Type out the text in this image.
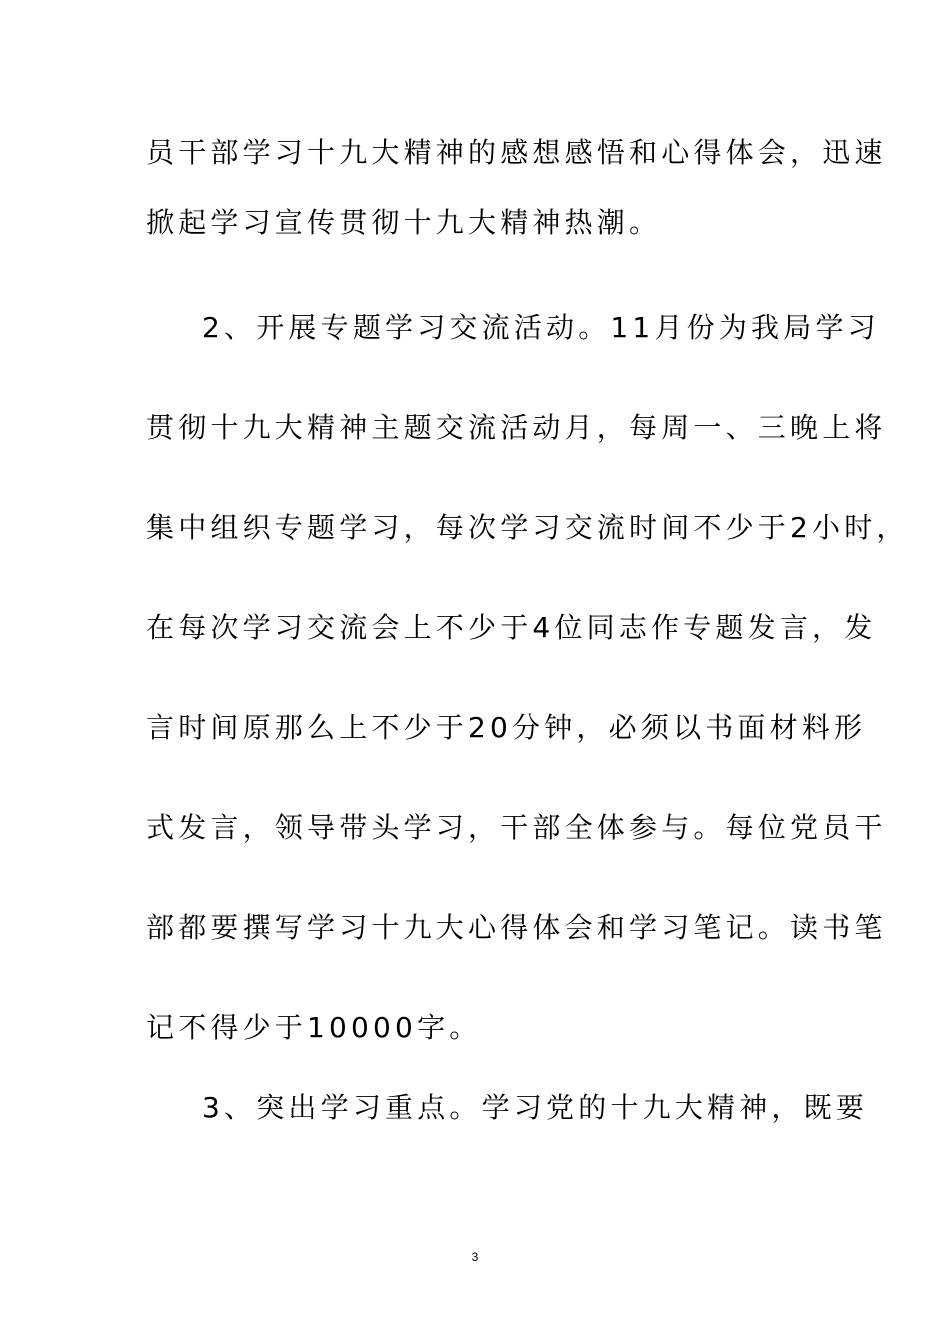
员干部学习十九大精神的感想感悟和心得体会，迅速
掀起学习宣传贯彻十九大精神热潮。
2、开展专题学习交流活动。11月份为我局学习
贯彻十九大精神主题交流活动月，每周一、三晚上将
集中组织专题学习，每次学习交流时间不少于2小时，
在每次学习交流会上不少于4位同志作专题发言，发
言时间原那么上不少于20分钟，必须以书面材料形
式发言，领导带头学习，干部全体参与。每位党员干
部都要撰写学习十九大心得体会和学习笔记。读书笔
记不得少于10000字。
3、突出学习重点。学习党的十九大精神，既要
3
